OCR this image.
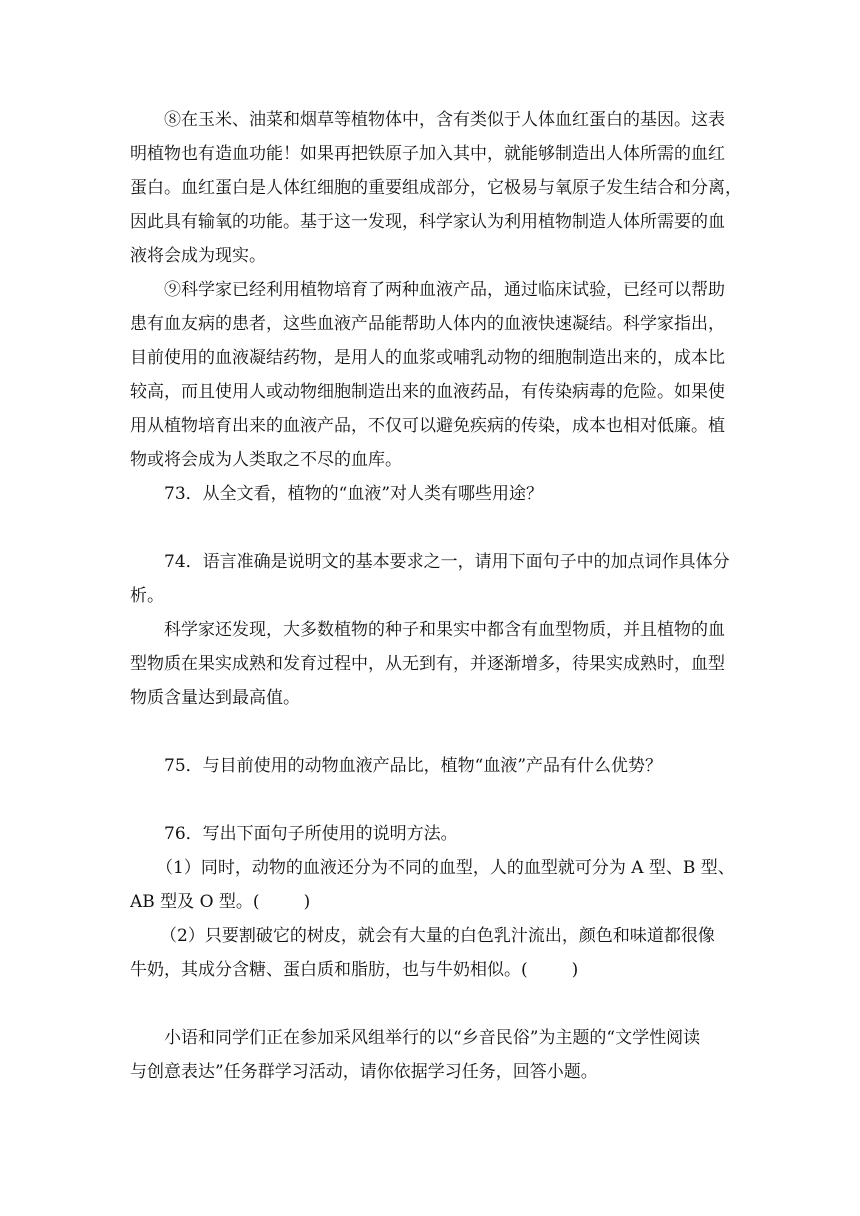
⑧在玉米、油菜和烟草等植物体中，含有类似于人体血红蛋白的基因。这表
明植物也有造血功能！如果再把铁原子加入其中，就能够制造出人体所需的血红
蛋白。血红蛋白是人体红细胞的重要组成部分，它极易与氧原子发生结合和分离，
因此具有输氧的功能。基于这一发现，科学家认为利用植物制造人体所需要的血
液将会成为现实。
⑨科学家已经利用植物培育了两种血液产品，通过临床试验，已经可以帮助
患有血友病的患者，这些血液产品能帮助人体内的血液快速凝结。科学家指出，
目前使用的血液凝结药物，是用人的血浆或哺乳动物的细胞制造出来的，成本比
较高，而且使用人或动物细胞制造出来的血液药品，有传染病毒的危险。如果使
用从植物培育出来的血液产品，不仅可以避免疾病的传染，成本也相对低廉。植
物或将会成为人类取之不尽的血库。
73．从全文看，植物的“血液”对人类有哪些用途？
74．语言准确是说明文的基本要求之一，请用下面句子中的加点词作具体分
析。
科学家还发现，大多数植物的种子和果实中都含有血型物质，并且植物的血
型物质在果实成熟和发育过程中，从无到有，并逐渐增多，待果实成熟时，血型
物质含量达到最高值。
75．与目前使用的动物血液产品比，植物“血液”产品有什么优势？
76．写出下面句子所使用的说明方法。
（1）同时，动物的血液还分为不同的血型，人的血型就可分为 A 型、B 型、
AB 型及 O 型。(	)
（2）只要割破它的树皮，就会有大量的白色乳汁流出，颜色和味道都很像
牛奶，其成分含糖、蛋白质和脂肪，也与牛奶相似。(	)
小语和同学们正在参加采风组举行的以“乡音民俗”为主题的“文学性阅读
与创意表达”任务群学习活动，请你依据学习任务，回答小题。
